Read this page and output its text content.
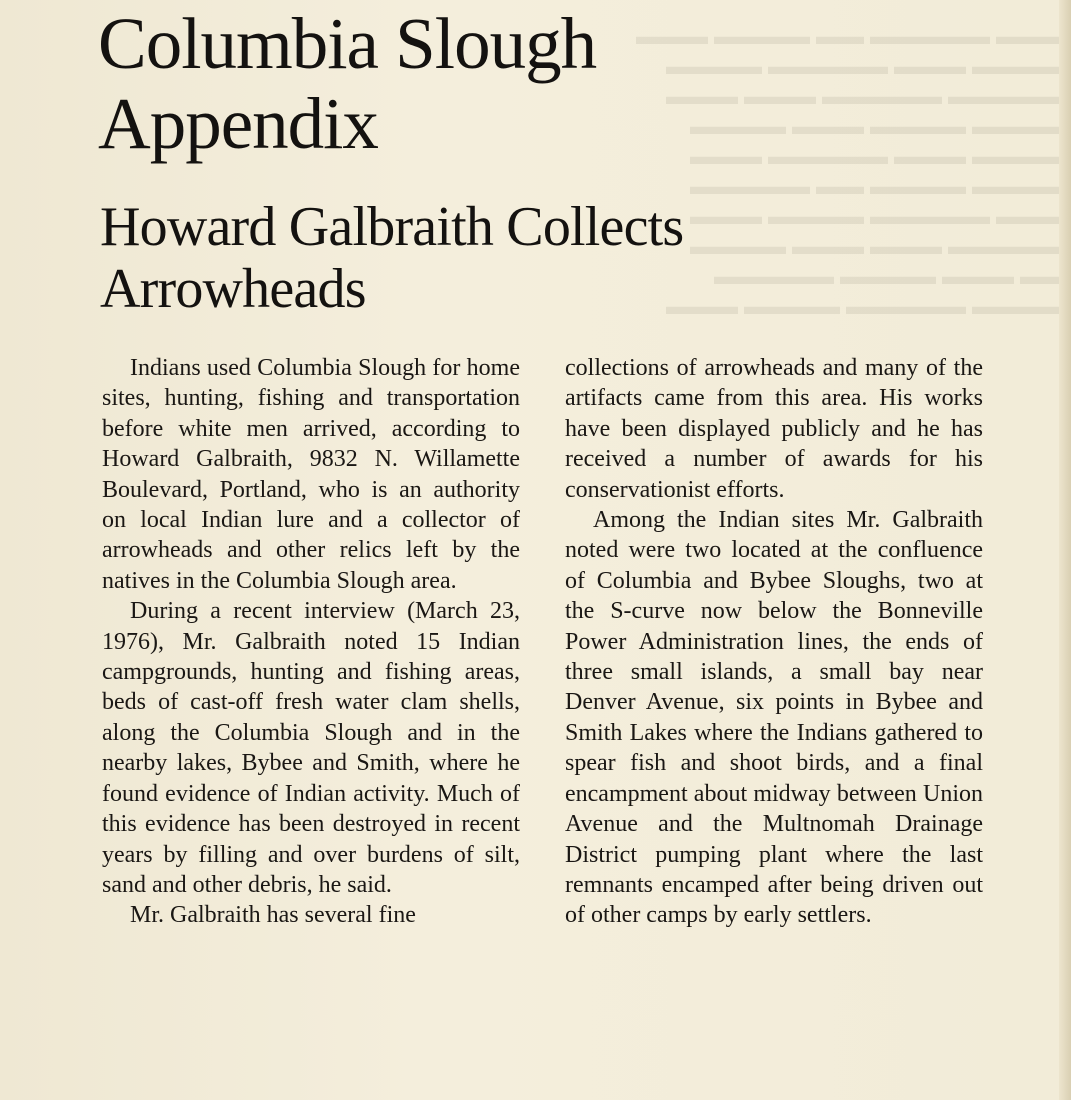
▬▬▬ ▬▬▬▬ ▬▬ ▬▬▬▬▬ ▬▬▬
▬▬▬▬ ▬▬▬▬▬ ▬▬▬ ▬▬▬▬
▬▬▬ ▬▬▬ ▬▬▬▬▬ ▬▬▬▬▬
▬▬▬▬ ▬▬▬ ▬▬▬▬ ▬▬▬▬
▬▬▬ ▬▬▬▬▬ ▬▬▬ ▬▬▬▬
▬▬▬▬▬ ▬▬ ▬▬▬▬ ▬▬▬▬
▬▬▬ ▬▬▬▬ ▬▬▬▬▬ ▬▬▬
▬▬▬▬ ▬▬▬ ▬▬▬ ▬▬▬▬▬
▬▬▬▬▬ ▬▬▬▬ ▬▬▬ ▬▬
▬▬▬ ▬▬▬▬ ▬▬▬▬▬ ▬▬▬▬
Columbia Slough
Appendix
Howard Galbraith Collects
Arrowheads

Indians used Columbia Slough for home sites, hunting, fishing and transportation before white men arrived, according to Howard Galbraith, 9832 N. Willamette Boulevard, Portland, who is an authority on local Indian lure and a collector of arrowheads and other relics left by the natives in the Columbia Slough area.

During a recent interview (March 23, 1976), Mr. Galbraith noted 15 Indian campgrounds, hunting and fishing areas, beds of cast-off fresh water clam shells, along the Columbia Slough and in the nearby lakes, Bybee and Smith, where he found evidence of Indian activity. Much of this evidence has been destroyed in recent years by filling and over burdens of silt, sand and other debris, he said.

Mr. Galbraith has several fine

collections of arrowheads and many of the artifacts came from this area. His works have been displayed publicly and he has received a number of awards for his conservationist efforts.

Among the Indian sites Mr. Galbraith noted were two located at the confluence of Columbia and Bybee Sloughs, two at the S-curve now below the Bonneville Power Administration lines, the ends of three small islands, a small bay near Denver Avenue, six points in Bybee and Smith Lakes where the Indians gathered to spear fish and shoot birds, and a final encampment about midway between Union Avenue and the Multnomah Drainage District pumping plant where the last remnants encamped after being driven out of other camps by early settlers.
